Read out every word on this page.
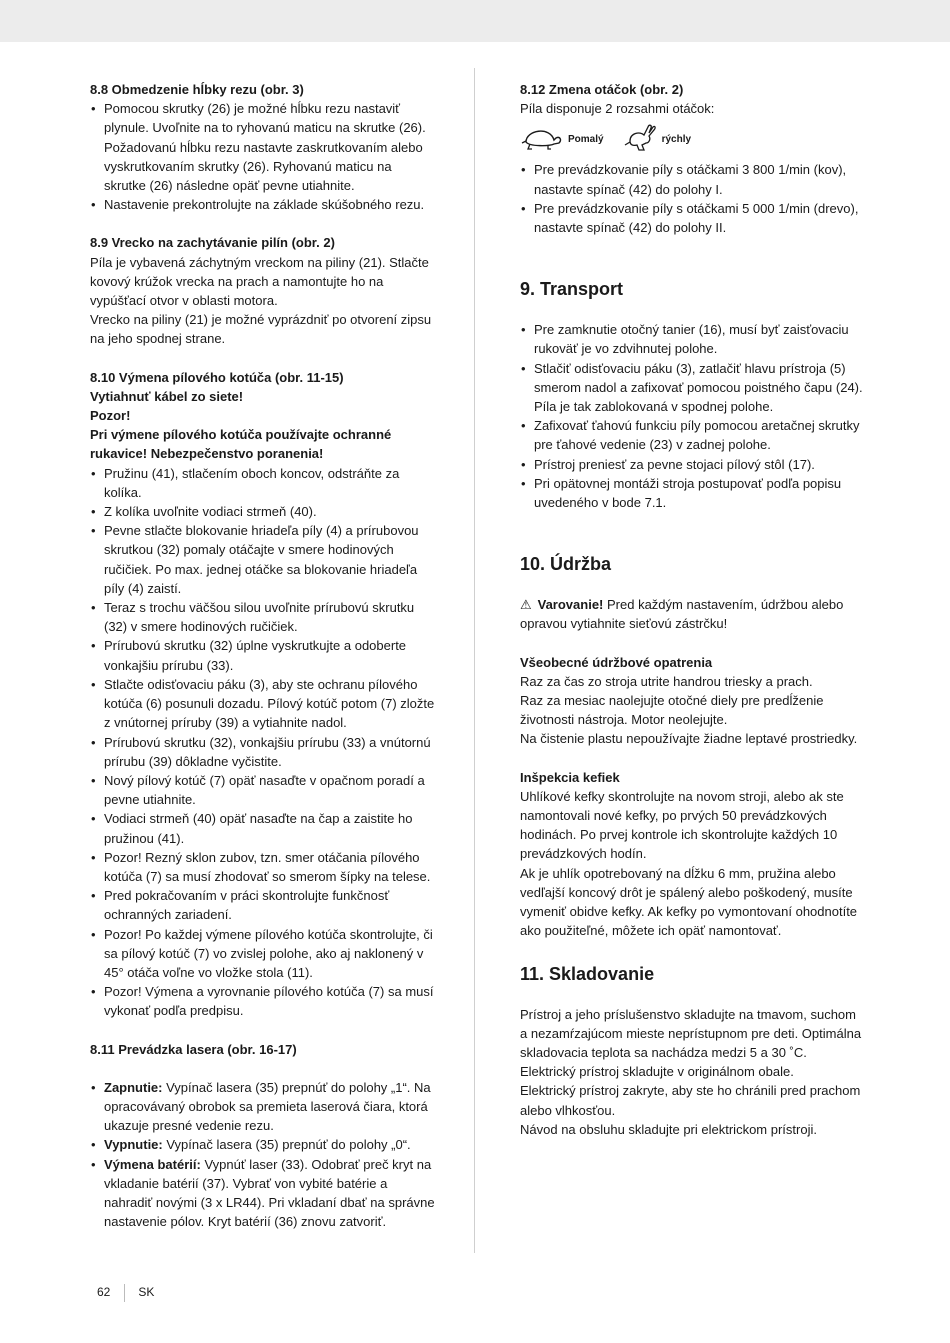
8.8 Obmedzenie hĺbky rezu (obr. 3)

• Pomocou skrutky (26) je možné hĺbku rezu nastaviť plynule. Uvoľnite na to ryhovanú maticu na skrutke (26). Požadovanú hĺbku rezu nastavte zaskrutkovaním alebo vyskrutkovaním skrutky (26). Ryhovanú maticu na skrutke (26) následne opäť pevne utiahnite.
• Nastavenie prekontrolujte na základe skúšobného rezu.

8.9 Vrecko na zachytávanie pilín (obr. 2)

Píla je vybavená záchytným vreckom na piliny (21). Stlačte kovový krúžok vrecka na prach a namontujte ho na vypúšťací otvor v oblasti motora.

Vrecko na piliny (21) je možné vyprázdniť po otvorení zipsu na jeho spodnej strane.

8.10 Výmena pílového kotúča (obr. 11-15)

Vytiahnuť kábel zo siete!

Pozor!

Pri výmene pílového kotúča používajte ochranné rukavice! Nebezpečenstvo poranenia!

• Pružinu (41), stlačením oboch koncov, odstráňte za kolíka.
• Z kolíka uvoľnite vodiaci strmeň (40).
• Pevne stlačte blokovanie hriadeľa píly (4) a prírubovou skrutkou (32) pomaly otáčajte v smere hodinových ručičiek. Po max. jednej otáčke sa blokovanie hriadeľa píly (4) zaistí.
• Teraz s trochu väčšou silou uvoľnite prírubovú skrutku (32) v smere hodinových ručičiek.
• Prírubovú skrutku (32) úplne vyskrutkujte a odoberte vonkajšiu prírubu (33).
• Stlačte odisťovaciu páku (3), aby ste ochranu pílového kotúča (6) posunuli dozadu. Pílový kotúč potom (7) zložte z vnútornej príruby (39) a vytiahnite nadol.
• Prírubovú skrutku (32), vonkajšiu prírubu (33) a vnútornú prírubu (39) dôkladne vyčistite.
• Nový pílový kotúč (7) opäť nasaďte v opačnom poradí a pevne utiahnite.
• Vodiaci strmeň (40) opäť nasaďte na čap a zaistite ho pružinou (41).
• Pozor! Rezný sklon zubov, tzn. smer otáčania pílového kotúča (7) sa musí zhodovať so smerom šípky na telese.
• Pred pokračovaním v práci skontrolujte funkčnosť ochranných zariadení.
• Pozor! Po každej výmene pílového kotúča skontrolujte, či sa pílový kotúč (7) vo zvislej polohe, ako aj naklonený v 45° otáča voľne vo vložke stola (11).
• Pozor! Výmena a vyrovnanie pílového kotúča (7) sa musí vykonať podľa predpisu.

8.11 Prevádzka lasera (obr. 16-17)

• Zapnutie: Vypínač lasera (35) prepnúť do polohy „1“. Na opracovávaný obrobok sa premieta laserová čiara, ktorá ukazuje presné vedenie rezu.
• Vypnutie: Vypínač lasera (35) prepnúť do polohy „0“.
• Výmena batérií: Vypnúť laser (33). Odobrať preč kryt na vkladanie batérií (37). Vybrať von vybité batérie a nahradiť novými (3 x LR44). Pri vkladaní dbať na správne nastavenie pólov. Kryt batérií (36) znovu zatvoriť.

8.12 Zmena otáčok (obr. 2)

Píla disponuje 2 rozsahmi otáčok:

Pomalý	rýchly
• Pre prevádzkovanie píly s otáčkami 3 800 1/min (kov), nastavte spínač (42) do polohy I.
• Pre prevádzkovanie píly s otáčkami 5 000 1/min (drevo), nastavte spínač (42) do polohy II.

9. Transport

• Pre zamknutie otočný tanier (16), musí byť zaisťovaciu rukoväť je vo zdvihnutej polohe.
• Stlačiť odisťovaciu páku (3), zatlačiť hlavu prístroja (5) smerom nadol a zafixovať pomocou poistného čapu (24). Píla je tak zablokovaná v spodnej polohe.
• Zafixovať ťahovú funkciu píly pomocou aretačnej skrutky pre ťahové vedenie (23) v zadnej polohe.
• Prístroj preniesť za pevne stojaci pílový stôl (17).
• Pri opätovnej montáži stroja postupovať podľa popisu uvedeného v bode 7.1.

10. Údržba

⚠ Varovanie! Pred každým nastavením, údržbou alebo opravou vytiahnite sieťovú zástrčku!

Všeobecné údržbové opatrenia

Raz za čas zo stroja utrite handrou triesky a prach.

Raz za mesiac naolejujte otočné diely pre predĺženie životnosti nástroja. Motor neolejujte.

Na čistenie plastu nepoužívajte žiadne leptavé prostriedky.

Inšpekcia kefiek

Uhlíkové kefky skontrolujte na novom stroji, alebo ak ste namontovali nové kefky, po prvých 50 prevádzkových hodinách. Po prvej kontrole ich skontrolujte každých 10 prevádzkových hodín.

Ak je uhlík opotrebovaný na dĺžku 6 mm, pružina alebo vedľajší koncový drôt je spálený alebo poškodený, musíte vymeniť obidve kefky. Ak kefky po vymontovaní ohodnotíte ako použiteľné, môžete ich opäť namontovať.

11. Skladovanie

Prístroj a jeho príslušenstvo skladujte na tmavom, suchom a nezamŕzajúcom mieste neprístupnom pre deti. Optimálna skladovacia teplota sa nachádza medzi 5 a 30 ˚C.

Elektrický prístroj skladujte v originálnom obale.

Elektrický prístroj zakryte, aby ste ho chránili pred prachom alebo vlhkosťou.

Návod na obsluhu skladujte pri elektrickom prístroji.

62 SK
